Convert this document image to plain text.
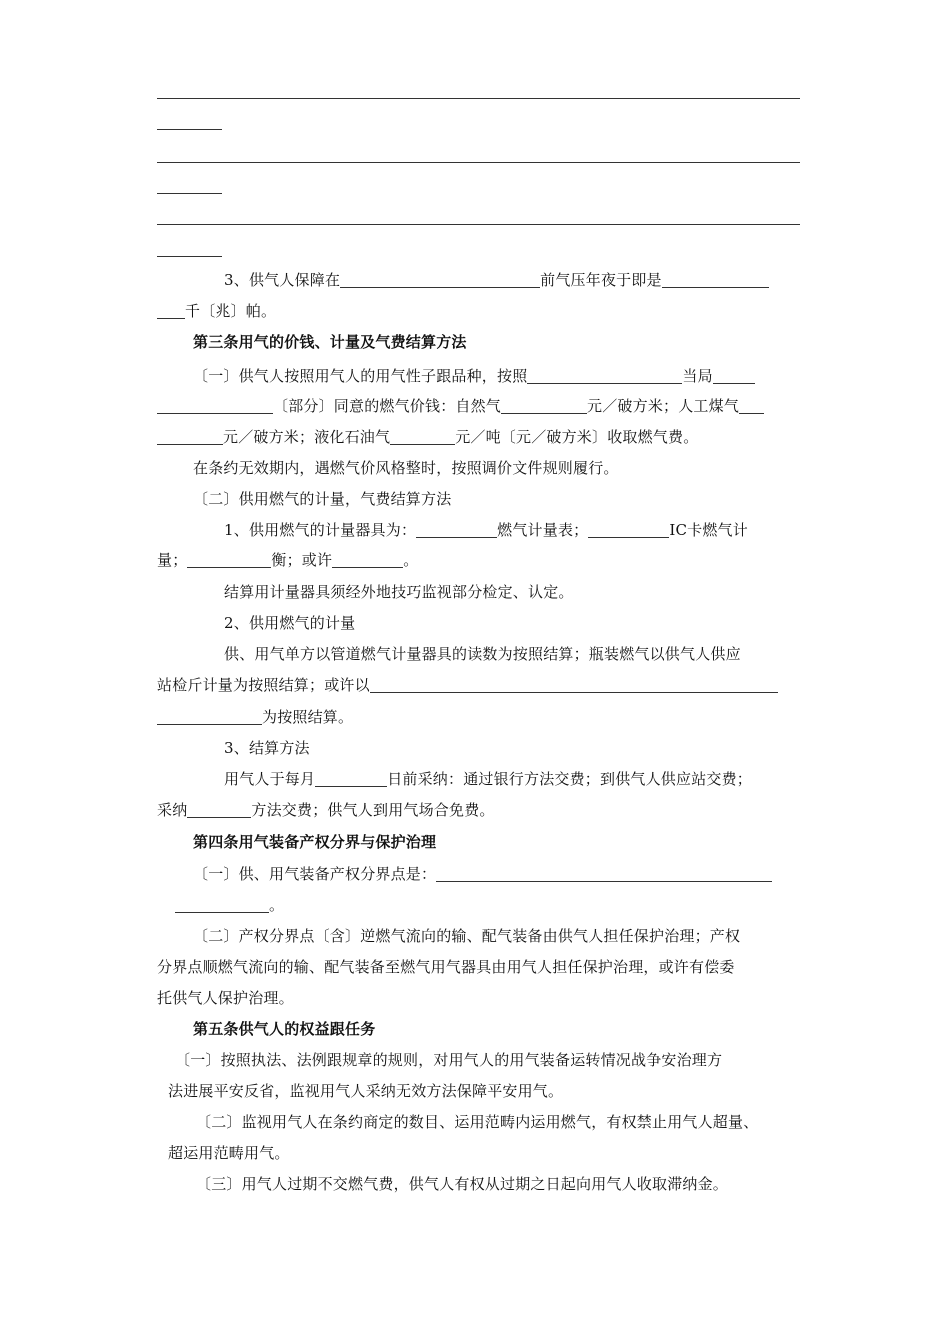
3、供气人保障在	前气压年夜于即是
千〔兆〕帕。
第三条用气的价钱、计量及气费结算方法
〔一〕供气人按照用气人的用气性子跟品种，按照	当局
〔部分〕同意的燃气价钱：自然气	元／破方米；人工煤气
元／破方米；液化石油气	元／吨〔元／破方米〕收取燃气费。
在条约无效期内，遇燃气价风格整时，按照调价文件规则履行。
〔二〕供用燃气的计量，气费结算方法
1、供用燃气的计量器具为：	燃气计量表；	IC卡燃气计
量；	衡；或许	。
结算用计量器具须经外地技巧监视部分检定、认定。
2、供用燃气的计量
供、用气单方以管道燃气计量器具的读数为按照结算；瓶装燃气以供气人供应
站检斤计量为按照结算；或许以
为按照结算。
3、结算方法
用气人于每月	日前采纳：通过银行方法交费；到供气人供应站交费；
采纳	方法交费；供气人到用气场合免费。
第四条用气装备产权分界与保护治理
〔一〕供、用气装备产权分界点是：
。
〔二〕产权分界点〔含〕逆燃气流向的输、配气装备由供气人担任保护治理；产权
分界点顺燃气流向的输、配气装备至燃气用气器具由用气人担任保护治理，或许有偿委
托供气人保护治理。
第五条供气人的权益跟任务
〔一〕按照执法、法例跟规章的规则，对用气人的用气装备运转情况战争安治理方
法进展平安反省，监视用气人采纳无效方法保障平安用气。
〔二〕监视用气人在条约商定的数目、运用范畴内运用燃气，有权禁止用气人超量、
超运用范畴用气。
〔三〕用气人过期不交燃气费，供气人有权从过期之日起向用气人收取滞纳金。
